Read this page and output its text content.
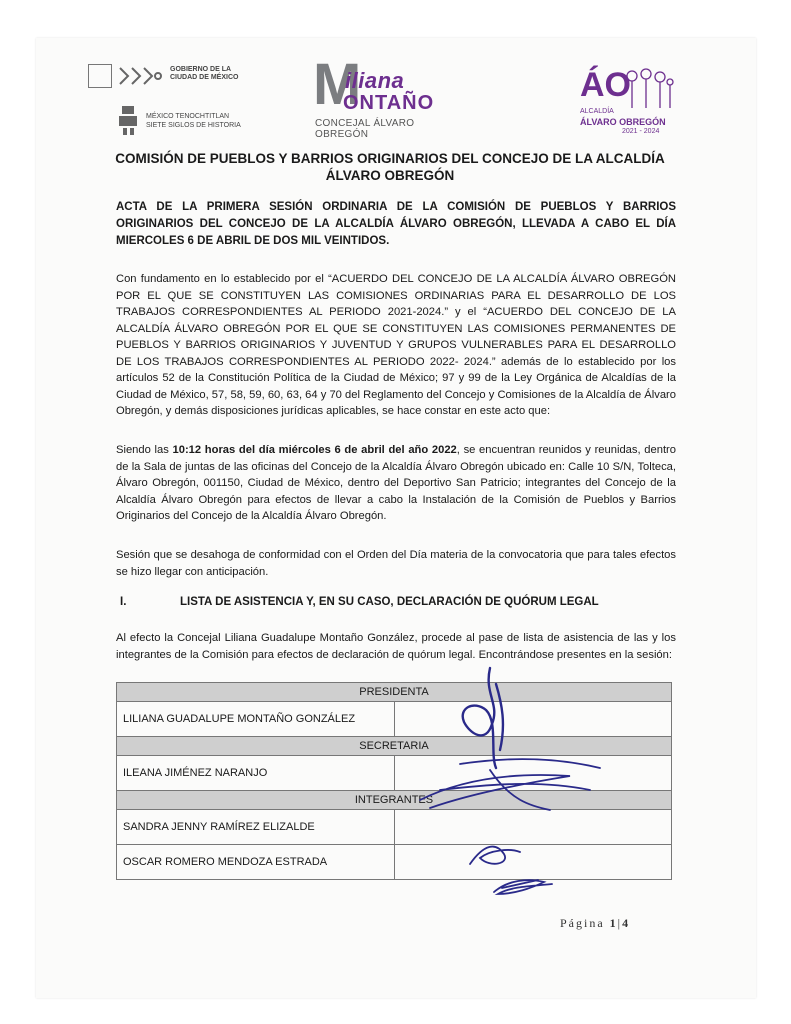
GOBIERNO DE LA CIUDAD DE MÉXICO
MÉXICO TENOCHTITLAN
SIETE SIGLOS DE HISTORIA
M
iliana
ONTAÑO
CONCEJAL ÁLVARO OBREGÓN
ÁO
ALCALDÍA
ÁLVARO OBREGÓN
2021 - 2024
COMISIÓN DE PUEBLOS Y BARRIOS ORIGINARIOS DEL CONCEJO DE LA ALCALDÍA ÁLVARO OBREGÓN
ACTA DE LA PRIMERA SESIÓN ORDINARIA DE LA COMISIÓN DE PUEBLOS Y BARRIOS ORIGINARIOS DEL CONCEJO DE LA ALCALDÍA ÁLVARO OBREGÓN, LLEVADA A CABO EL DÍA MIERCOLES 6 DE ABRIL DE DOS MIL VEINTIDOS.
Con fundamento en lo establecido por el “ACUERDO DEL CONCEJO DE LA ALCALDÍA ÁLVARO OBREGÓN POR EL QUE SE CONSTITUYEN LAS COMISIONES ORDINARIAS PARA EL DESARROLLO DE LOS TRABAJOS CORRESPONDIENTES AL PERIODO 2021-2024.” y el “ACUERDO DEL CONCEJO DE LA ALCALDÍA ÁLVARO OBREGÓN POR EL QUE SE CONSTITUYEN LAS COMISIONES PERMANENTES DE PUEBLOS Y BARRIOS ORIGINARIOS Y JUVENTUD Y GRUPOS VULNERABLES PARA EL DESARROLLO DE LOS TRABAJOS CORRESPONDIENTES AL PERIODO 2022- 2024.” además de lo establecido por los artículos 52 de la Constitución Política de la Ciudad de México; 97 y 99 de la Ley Orgánica de Alcaldías de la Ciudad de México, 57, 58, 59, 60, 63, 64 y 70 del Reglamento del Concejo y Comisiones de la Alcaldía de Álvaro Obregón, y demás disposiciones jurídicas aplicables, se hace constar en este acto que:
Siendo las 10:12 horas del día miércoles 6 de abril del año 2022, se encuentran reunidos y reunidas, dentro de la Sala de juntas de las oficinas del Concejo de la Alcaldía Álvaro Obregón ubicado en: Calle 10 S/N, Tolteca, Álvaro Obregón, 001150, Ciudad de México, dentro del Deportivo San Patricio; integrantes del Concejo de la Alcaldía Álvaro Obregón para efectos de llevar a cabo la Instalación de la Comisión de Pueblos y Barrios Originarios del Concejo de la Alcaldía Álvaro Obregón.
Sesión que se desahoga de conformidad con el Orden del Día materia de la convocatoria que para tales efectos se hizo llegar con anticipación.
I.	LISTA DE ASISTENCIA Y, EN SU CASO, DECLARACIÓN DE QUÓRUM LEGAL
Al efecto la Concejal Liliana Guadalupe Montaño González, procede al pase de lista de asistencia de las y los integrantes de la Comisión para efectos de declaración de quórum legal. Encontrándose presentes en la sesión:
PRESIDENTA	
LILIANA GUADALUPE MONTAÑO GONZÁLEZ	
SECRETARIA	
ILEANA JIMÉNEZ NARANJO	
INTEGRANTES	
SANDRA JENNY RAMÍREZ ELIZALDE	
OSCAR ROMERO MENDOZA ESTRADA	
Página 1|4
